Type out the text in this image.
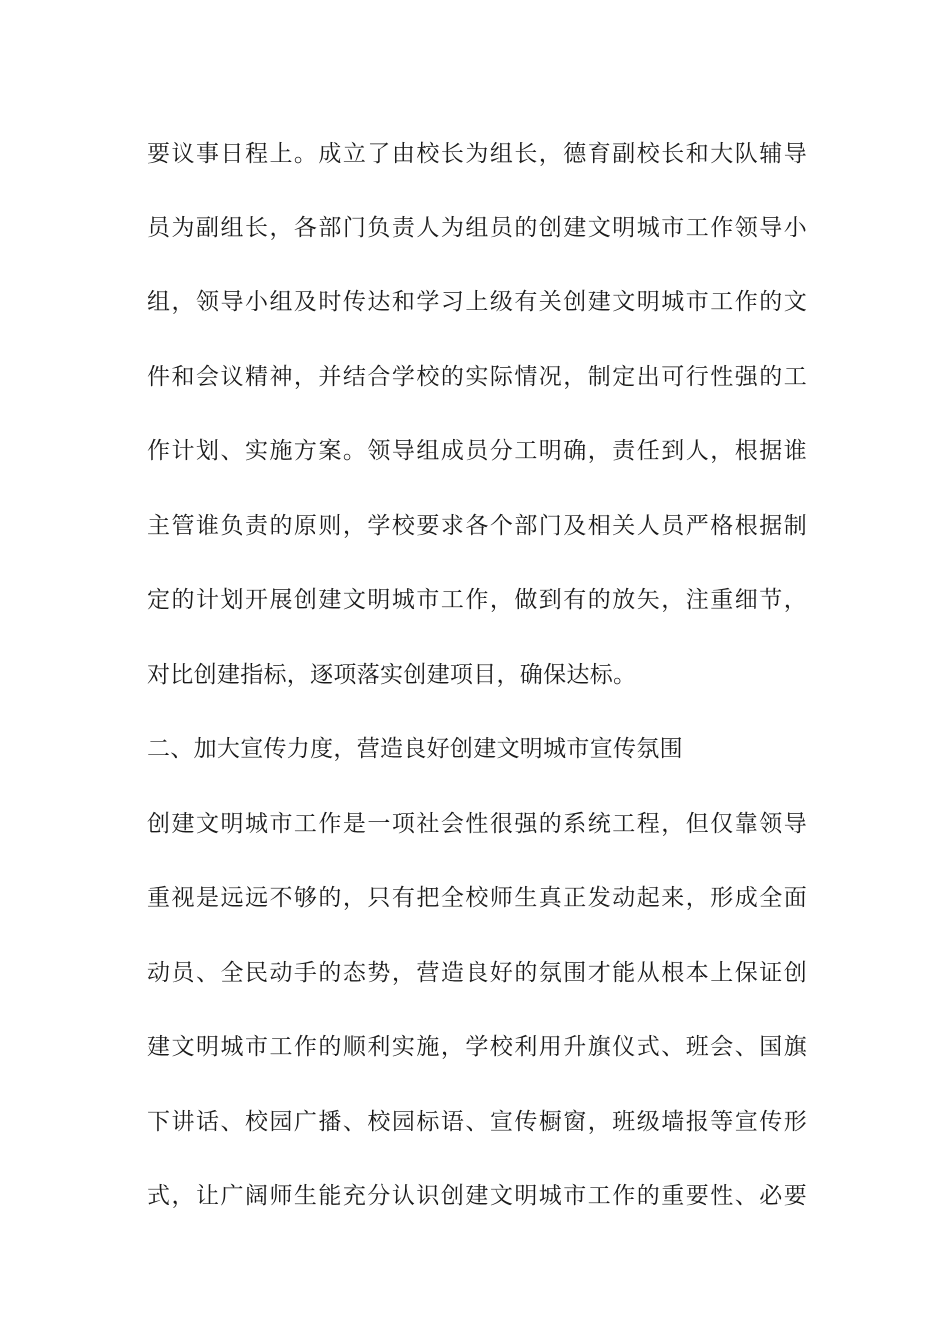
要议事日程上。成立了由校长为组长，德育副校长和大队辅导
员为副组长，各部门负责人为组员的创建文明城市工作领导小
组，领导小组及时传达和学习上级有关创建文明城市工作的文
件和会议精神，并结合学校的实际情况，制定出可行性强的工
作计划、实施方案。领导组成员分工明确，责任到人，根据谁
主管谁负责的原则，学校要求各个部门及相关人员严格根据制
定的计划开展创建文明城市工作，做到有的放矢，注重细节，
对比创建指标，逐项落实创建项目，确保达标。
二、加大宣传力度，营造良好创建文明城市宣传氛围
创建文明城市工作是一项社会性很强的系统工程，但仅靠领导
重视是远远不够的，只有把全校师生真正发动起来，形成全面
动员、全民动手的态势，营造良好的氛围才能从根本上保证创
建文明城市工作的顺利实施，学校利用升旗仪式、班会、国旗
下讲话、校园广播、校园标语、宣传橱窗，班级墙报等宣传形
式，让广阔师生能充分认识创建文明城市工作的重要性、必要
